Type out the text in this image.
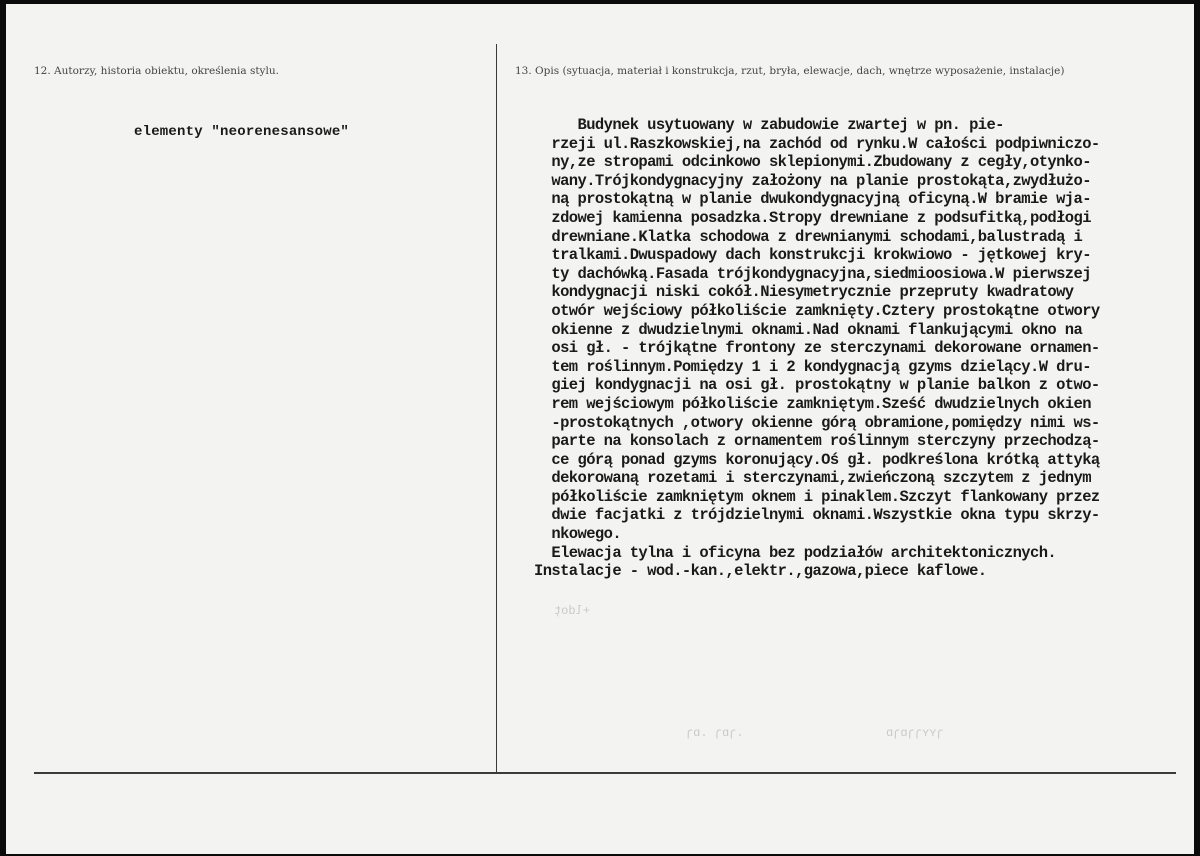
12. Autorzy, historia obiektu, określenia stylu.	13. Opis (sytuacja, materiał i konstrukcja, rzut, bryła, elewacje, dach, wnętrze wyposażenie, instalacje)
elementy "neorenesansowe"	Budynek usytuowany w zabudowie zwartej w pn. pie-
rzeji ul.Raszkowskiej,na zachód od rynku.W całości podpiwniczo-
ny,ze stropami odcinkowo sklepionymi.Zbudowany z cegły,otynko-
wany.Trójkondygnacyjny założony na planie prostokąta,zwydłużo-
ną prostokątną w planie dwukondygnacyjną oficyną.W bramie wja-
zdowej kamienna posadzka.Stropy drewniane z podsufitką,podłogi
drewniane.Klatka schodowa z drewnianymi schodami,balustradą i
tralkami.Dwuspadowy dach konstrukcji krokwiowo - jętkowej kry-
ty dachówką.Fasada trójkondygnacyjna,siedmioosiowa.W pierwszej
kondygnacji niski cokół.Niesymetrycznie przepruty kwadratowy
otwór wejściowy półkoliście zamknięty.Cztery prostokątne otwory
okienne z dwudzielnymi oknami.Nad oknami flankującymi okno na
osi gł. - trójkątne frontony ze sterczynami dekorowane ornamen-
tem roślinnym.Pomiędzy 1 i 2 kondygnacją gzyms dzielący.W dru-
giej kondygnacji na osi gł. prostokątny w planie balkon z otwo-
rem wejściowym półkoliście zamkniętym.Sześć dwudzielnych okien
-prostokątnych ,otwory okienne górą obramione,pomiędzy nimi ws-
parte na konsolach z ornamentem roślinnym sterczyny przechodzą-
ce górą ponad gzyms koronujący.Oś gł. podkreślona krótką attyką
dekorowaną rozetami i sterczynami,zwieńczoną szczytem z jednym
półkoliście zamkniętym oknem i pinaklem.Szczyt flankowany przez
dwie facjatki z trójdzielnymi oknami.Wszystkie okna typu skrzy-
nkowego.
Elewacja tylna i oficyna bez podziałów architektonicznych.
Instalacje - wod.-kan.,elektr.,gazowa,piece kaflowe.
+ldoţ
ɿʏʏɿɿɒɿɒ
.ɿɒɿ .ɒɿ
